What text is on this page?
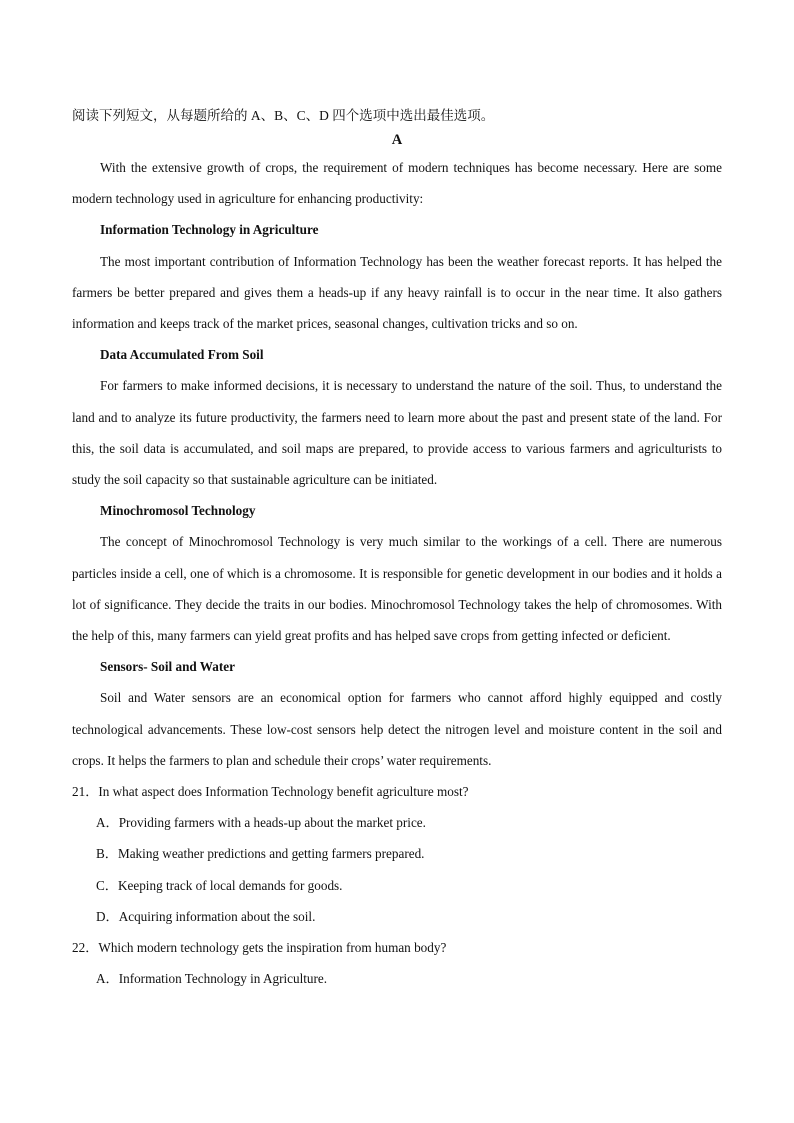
阅读下列短文，从每题所给的 A、B、C、D 四个选项中选出最佳选项。
A

With the extensive growth of crops, the requirement of modern techniques has become necessary. Here are some modern technology used in agriculture for enhancing productivity:

Information Technology in Agriculture

The most important contribution of Information Technology has been the weather forecast reports. It has helped the farmers be better prepared and gives them a heads-up if any heavy rainfall is to occur in the near time. It also gathers information and keeps track of the market prices, seasonal changes, cultivation tricks and so on.

Data Accumulated From Soil

For farmers to make informed decisions, it is necessary to understand the nature of the soil. Thus, to understand the land and to analyze its future productivity, the farmers need to learn more about the past and present state of the land. For this, the soil data is accumulated, and soil maps are prepared, to provide access to various farmers and agriculturists to study the soil capacity so that sustainable agriculture can be initiated.

Minochromosol Technology

The concept of Minochromosol Technology is very much similar to the workings of a cell. There are numerous particles inside a cell, one of which is a chromosome. It is responsible for genetic development in our bodies and it holds a lot of significance. They decide the traits in our bodies. Minochromosol Technology takes the help of chromosomes. With the help of this, many farmers can yield great profits and has helped save crops from getting infected or deficient.

Sensors- Soil and Water

Soil and Water sensors are an economical option for farmers who cannot afford highly equipped and costly technological advancements. These low-cost sensors help detect the nitrogen level and moisture content in the soil and crops. It helps the farmers to plan and schedule their crops’ water requirements.

21．In what aspect does Information Technology benefit agriculture most?
A．Providing farmers with a heads-up about the market price.
B．Making weather predictions and getting farmers prepared.
C．Keeping track of local demands for goods.
D．Acquiring information about the soil.
22．Which modern technology gets the inspiration from human body?
A．Information Technology in Agriculture.
